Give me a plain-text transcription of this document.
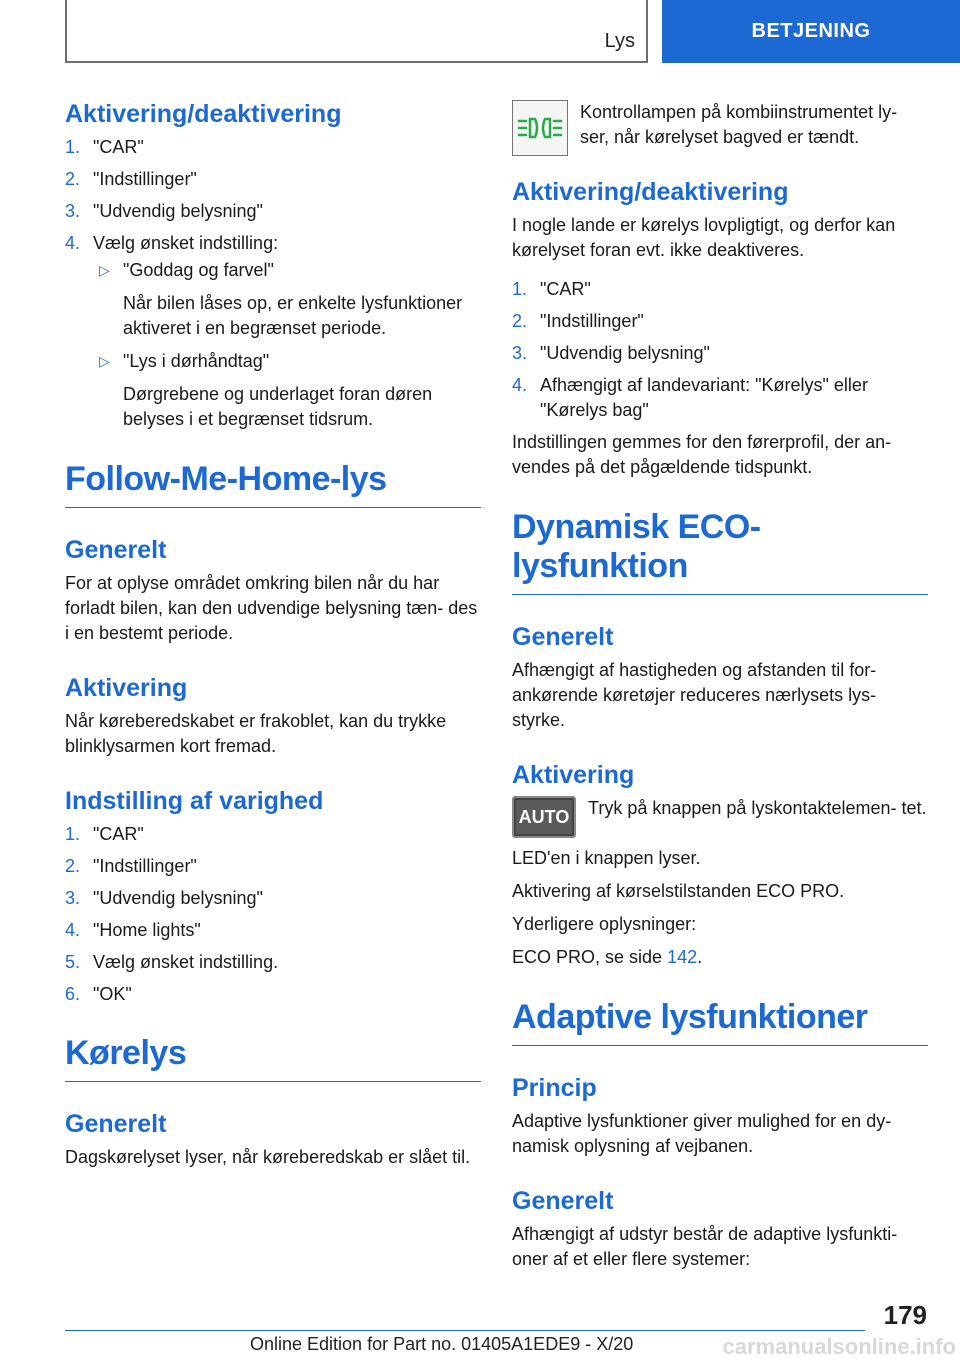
Lys	BETJENING
Aktivering/deaktivering
1. "CAR"
2. "Indstillinger"
3. "Udvendig belysning"
4. Vælg ønsket indstilling:
▷ "Goddag og farvel"
Når bilen låses op, er enkelte lysfunktioner aktiveret i en begrænset periode.
▷ "Lys i dørhåndtag"
Dørgrebene og underlaget foran døren belyses i et begrænset tidsrum.
Follow-Me-Home-lys
Generelt

For at oplyse området omkring bilen når du har forladt bilen, kan den udvendige belysning tæn- des i en bestemt periode.

Aktivering

Når køreberedskabet er frakoblet, kan du trykke blinklysarmen kort fremad.

Indstilling af varighed
1. "CAR"
2. "Indstillinger"
3. "Udvendig belysning"
4. "Home lights"
5. Vælg ønsket indstilling.
6. "OK"
Kørelys
Generelt

Dagskørelyset lyser, når køreberedskab er slået til.

Kontrollampen på kombiinstrumentet ly- ser, når kørelyset bagved er tændt.

Aktivering/deaktivering

I nogle lande er kørelys lovpligtigt, og derfor kan kørelyset foran evt. ikke deaktiveres.

1. "CAR"
2. "Indstillinger"
3. "Udvendig belysning"
4. Afhængigt af landevariant: "Kørelys" eller "Kørelys bag"

Indstillingen gemmes for den førerprofil, der an- vendes på det pågældende tidspunkt.

Dynamisk ECO-lysfunktion
Generelt

Afhængigt af hastigheden og afstanden til for- ankørende køretøjer reduceres nærlysets lys- styrke.

Aktivering
AUTO	Tryk på knappen på lyskontaktelemen- tet.

LED'en i knappen lyser.

Aktivering af kørselstilstanden ECO PRO.

Yderligere oplysninger:

ECO PRO, se side 142.

Adaptive lysfunktioner
Princip

Adaptive lysfunktioner giver mulighed for en dy- namisk oplysning af vejbanen.

Generelt

Afhængigt af udstyr består de adaptive lysfunkti- oner af et eller flere systemer:

179
Online Edition for Part no. 01405A1EDE9 - X/20	carmanualsonline.info
